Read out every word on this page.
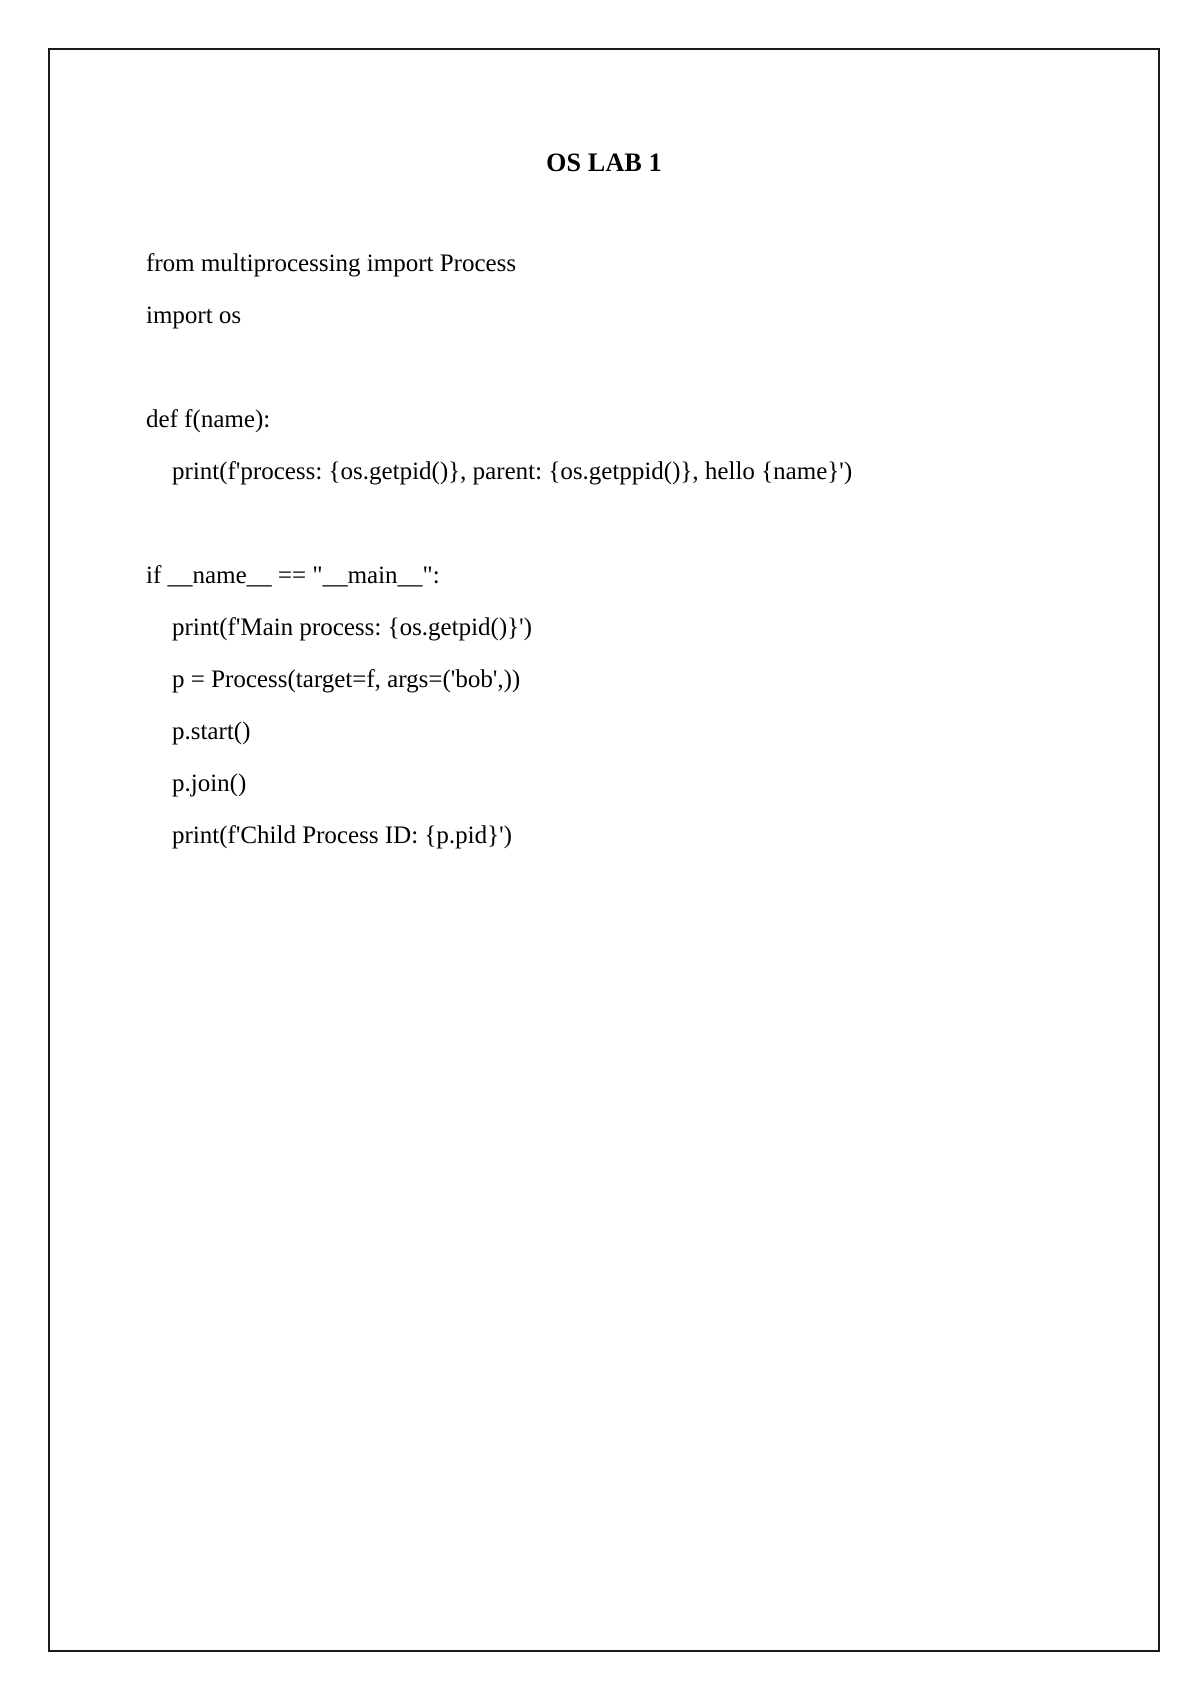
OS LAB 1
from multiprocessing import Process
import os
def f(name):
print(f'process: {os.getpid()}, parent: {os.getppid()}, hello {name}')
if __name__ == "__main__":
print(f'Main process: {os.getpid()}')
p = Process(target=f, args=('bob',))
p.start()
p.join()
print(f'Child Process ID: {p.pid}')
